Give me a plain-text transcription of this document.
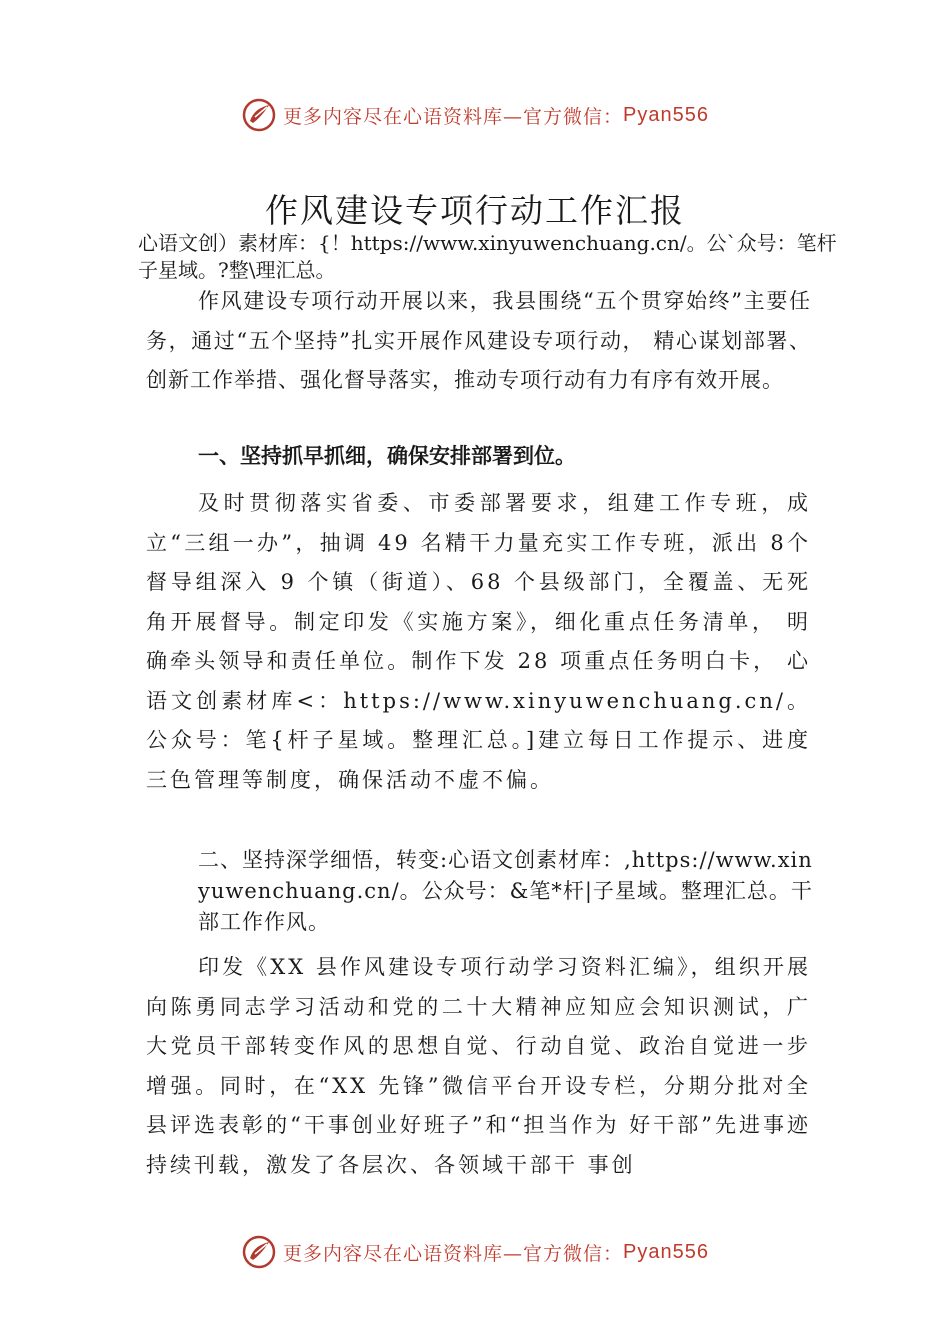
更多内容尽在心语资料库—官方微信： Pyan556
作风建设专项行动工作汇报

心语文创）素材库：{！https://www.xinyuwenchuang.cn/。公`众号：笔杆子星域。?整\理汇总。

作风建设专项行动开展以来，我县围绕“五个贯穿始终”主要任务，通过“五个坚持”扎实开展作风建设专项行动， 精心谋划部署、创新工作举措、强化督导落实，推动专项行动有力有序有效开展。

一、坚持抓早抓细，确保安排部署到位。

及时贯彻落实省委、市委部署要求，组建工作专班，成立“三组一办”，抽调 49 名精干力量充实工作专班，派出 8个督导组深入 9 个镇（街道）、68 个县级部门，全覆盖、无死角开展督导。制定印发《实施方案》，细化重点任务清单， 明确牵头领导和责任单位。制作下发 28 项重点任务明白卡， 心语文创素材库<：https://www.xinyuwenchuang.cn/。公众号：笔{杆子星域。整理汇总。]建立每日工作提示、进度三色管理等制度，确保活动不虚不偏。

二、坚持深学细悟，转变:心语文创素材库：,https://www.xinyuwenchuang.cn/。公众号：&笔*杆|子星域。整理汇总。干部工作作风。

印发《XX 县作风建设专项行动学习资料汇编》，组织开展向陈勇同志学习活动和党的二十大精神应知应会知识测试，广大党员干部转变作风的思想自觉、行动自觉、政治自觉进一步增强。同时，在“XX 先锋”微信平台开设专栏，分期分批对全县评选表彰的“干事创业好班子”和“担当作为 好干部”先进事迹持续刊载，激发了各层次、各领域干部干 事创

更多内容尽在心语资料库—官方微信： Pyan556
